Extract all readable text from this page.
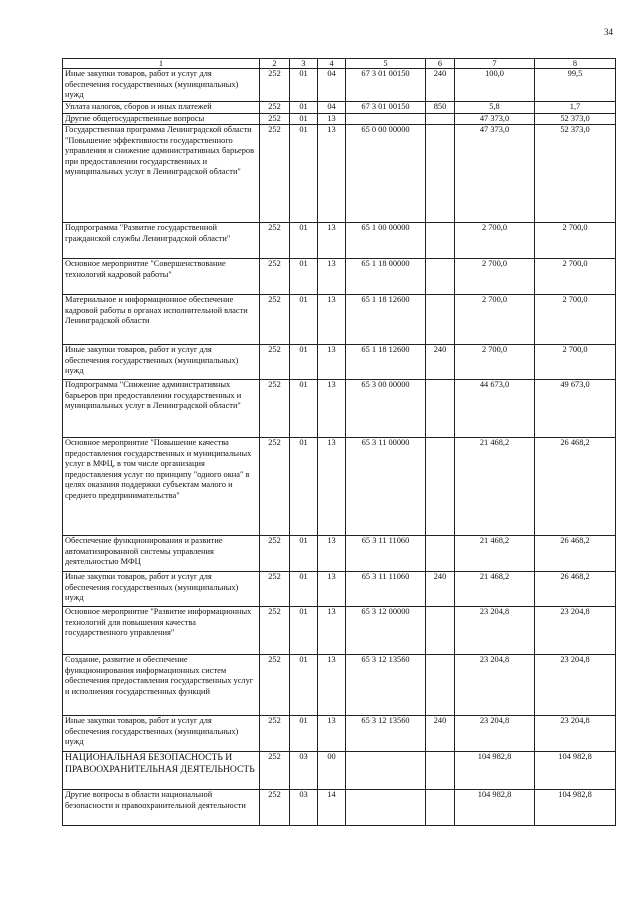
34
1	2	3	4	5	6	7	8
Иные закупки товаров, работ и услуг для обеспечения государственных (муниципальных) нужд	252	01	04	67 3 01 00150	240	100,0	99,5
Уплата налогов, сборов и иных платежей	252	01	04	67 3 01 00150	850	5,8	1,7
Другие общегосударственные вопросы	252	01	13			47 373,0	52 373,0
Государственная программа Ленинградской области "Повышение эффективности государственного управления и снижение административных барьеров при предоставлении государственных и муниципальных услуг в Ленинградской области"	252	01	13	65 0 00 00000		47 373,0	52 373,0
Подпрограмма "Развитие государственной гражданской службы Ленинградской области"	252	01	13	65 1 00 00000		2 700,0	2 700,0
Основное мероприятие "Совершенствование технологий кадровой работы"	252	01	13	65 1 18 00000		2 700,0	2 700,0
Материальное и информационное обеспечение кадровой работы в органах исполнительной власти Ленинградской области	252	01	13	65 1 18 12600		2 700,0	2 700,0
Иные закупки товаров, работ и услуг для обеспечения государственных (муниципальных) нужд	252	01	13	65 1 18 12600	240	2 700,0	2 700,0
Подпрограмма "Снижение административных барьеров при предоставлении государственных и муниципальных услуг в Ленинградской области"	252	01	13	65 3 00 00000		44 673,0	49 673,0
Основное мероприятие "Повышение качества предоставления государственных и муниципальных услуг в МФЦ, в том числе организация предоставления услуг по принципу "одного окна" в целях оказания поддержки субъектам малого и среднего предпринимательства"	252	01	13	65 3 11 00000		21 468,2	26 468,2
Обеспечение функционирования и развитие автоматизированной системы управления деятельностью МФЦ	252	01	13	65 3 11 11060		21 468,2	26 468,2
Иные закупки товаров, работ и услуг для обеспечения государственных (муниципальных) нужд	252	01	13	65 3 11 11060	240	21 468,2	26 468,2
Основное мероприятие "Развитие информационных технологий для повышения качества государственного управления"	252	01	13	65 3 12 00000		23 204,8	23 204,8
Создание, развитие и обеспечение функционирования информационных систем обеспечения предоставления государственных услуг и исполнения государственных функций	252	01	13	65 3 12 13560		23 204,8	23 204,8
Иные закупки товаров, работ и услуг для обеспечения государственных (муниципальных) нужд	252	01	13	65 3 12 13560	240	23 204,8	23 204,8
НАЦИОНАЛЬНАЯ БЕЗОПАСНОСТЬ И ПРАВООХРАНИТЕЛЬНАЯ ДЕЯТЕЛЬНОСТЬ	252	03	00			104 982,8	104 982,8
Другие вопросы в области национальной безопасности и правоохранительной деятельности	252	03	14			104 982,8	104 982,8
